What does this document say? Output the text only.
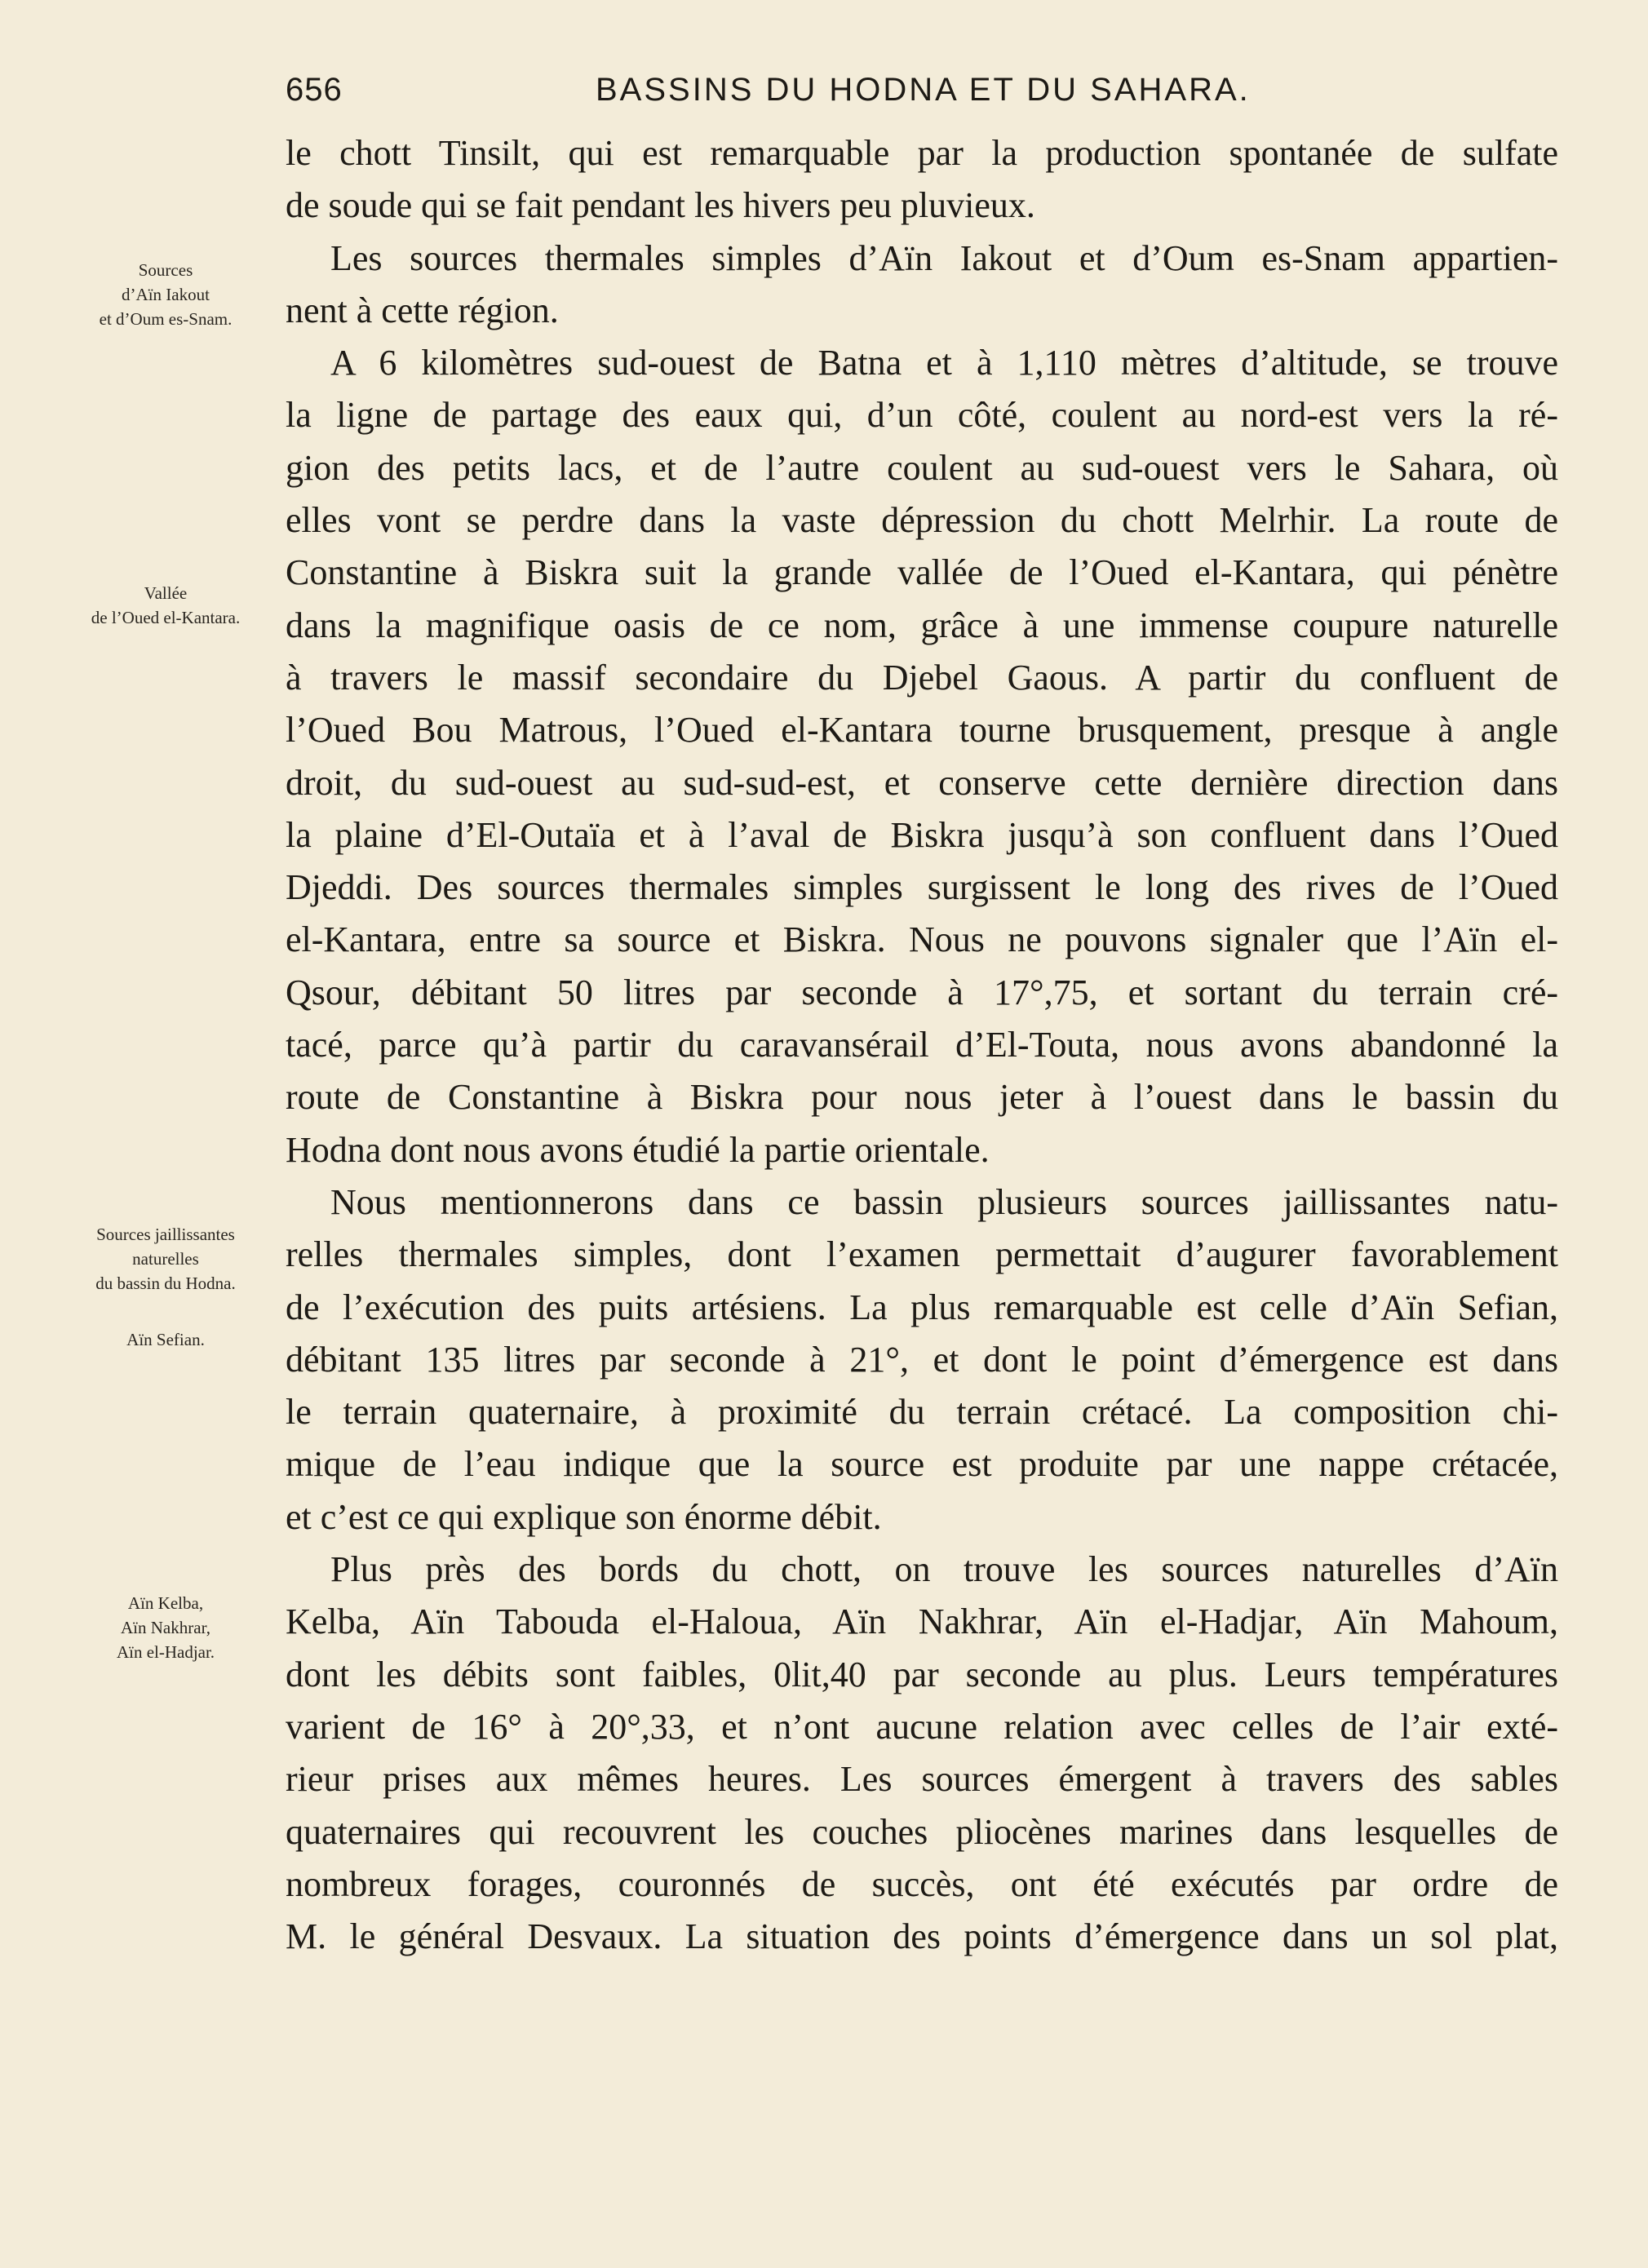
656	BASSINS DU HODNA ET DU SAHARA.
Sources
d’Aïn Iakout
et d’Oum es-Snam.
Vallée
de l’Oued el-Kantara.
Sources jaillissantes
naturelles
du bassin du Hodna.
Aïn Sefian.
Aïn Kelba,
Aïn Nakhrar,
Aïn el-Hadjar.
le chott Tinsilt, qui est remarquable par la production spontanée de sulfate
de soude qui se fait pendant les hivers peu pluvieux.
Les sources thermales simples d’Aïn Iakout et d’Oum es-Snam appartien-
nent à cette région.
A 6 kilomètres sud-ouest de Batna et à 1,110 mètres d’altitude, se trouve
la ligne de partage des eaux qui, d’un côté, coulent au nord-est vers la ré-
gion des petits lacs, et de l’autre coulent au sud-ouest vers le Sahara, où
elles vont se perdre dans la vaste dépression du chott Melrhir. La route de
Constantine à Biskra suit la grande vallée de l’Oued el-Kantara, qui pénètre
dans la magnifique oasis de ce nom, grâce à une immense coupure naturelle
à travers le massif secondaire du Djebel Gaous. A partir du confluent de
l’Oued Bou Matrous, l’Oued el-Kantara tourne brusquement, presque à angle
droit, du sud-ouest au sud-sud-est, et conserve cette dernière direction dans
la plaine d’El-Outaïa et à l’aval de Biskra jusqu’à son confluent dans l’Oued
Djeddi. Des sources thermales simples surgissent le long des rives de l’Oued
el-Kantara, entre sa source et Biskra. Nous ne pouvons signaler que l’Aïn el-
Qsour, débitant 50 litres par seconde à 17°,75, et sortant du terrain cré-
tacé, parce qu’à partir du caravansérail d’El-Touta, nous avons abandonné la
route de Constantine à Biskra pour nous jeter à l’ouest dans le bassin du
Hodna dont nous avons étudié la partie orientale.
Nous mentionnerons dans ce bassin plusieurs sources jaillissantes natu-
relles thermales simples, dont l’examen permettait d’augurer favorablement
de l’exécution des puits artésiens. La plus remarquable est celle d’Aïn Sefian,
débitant 135 litres par seconde à 21°, et dont le point d’émergence est dans
le terrain quaternaire, à proximité du terrain crétacé. La composition chi-
mique de l’eau indique que la source est produite par une nappe crétacée,
et c’est ce qui explique son énorme débit.
Plus près des bords du chott, on trouve les sources naturelles d’Aïn
Kelba, Aïn Tabouda el-Haloua, Aïn Nakhrar, Aïn el-Hadjar, Aïn Mahoum,
dont les débits sont faibles, 0lit,40 par seconde au plus. Leurs températures
varient de 16° à 20°,33, et n’ont aucune relation avec celles de l’air exté-
rieur prises aux mêmes heures. Les sources émergent à travers des sables
quaternaires qui recouvrent les couches pliocènes marines dans lesquelles de
nombreux forages, couronnés de succès, ont été exécutés par ordre de
M. le général Desvaux. La situation des points d’émergence dans un sol plat,
